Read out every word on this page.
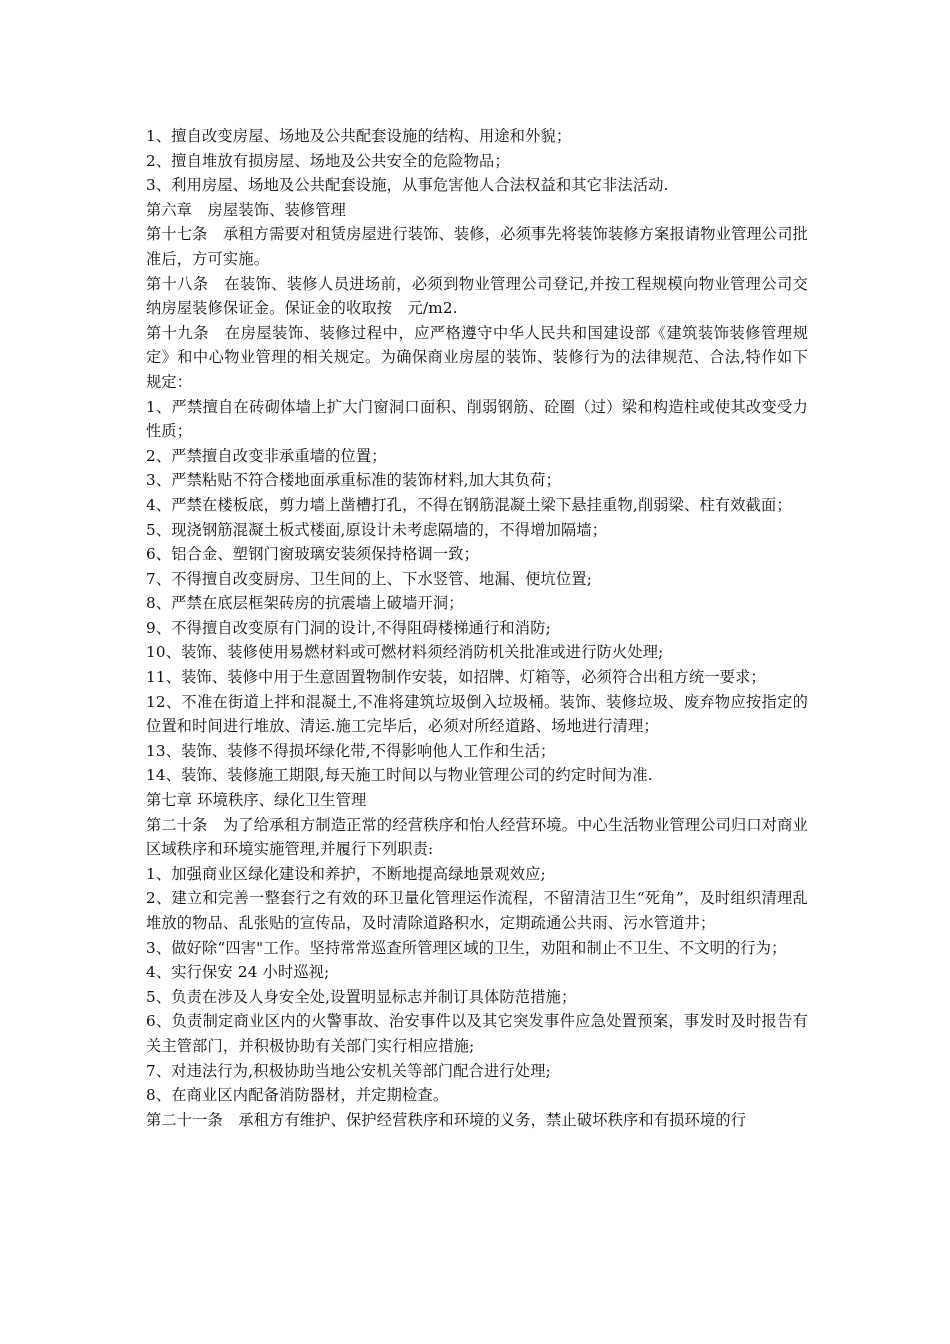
1、擅自改变房屋、场地及公共配套设施的结构、用途和外貌；

2、擅自堆放有损房屋、场地及公共安全的危险物品；

3、利用房屋、场地及公共配套设施，从事危害他人合法权益和其它非法活动.

第六章　房屋装饰、装修管理

第十七条　承租方需要对租赁房屋进行装饰、装修，必须事先将装饰装修方案报请物业管理公司批准后，方可实施。

第十八条　在装饰、装修人员进场前，必须到物业管理公司登记,并按工程规模向物业管理公司交纳房屋装修保证金。保证金的收取按　元/m2.

第十九条　在房屋装饰、装修过程中，应严格遵守中华人民共和国建设部《建筑装饰装修管理规定》和中心物业管理的相关规定。为确保商业房屋的装饰、装修行为的法律规范、合法,特作如下规定：

1、严禁擅自在砖砌体墙上扩大门窗洞口面积、削弱钢筋、砼圈（过）梁和构造柱或使其改变受力性质；

2、严禁擅自改变非承重墙的位置；

3、严禁粘贴不符合楼地面承重标准的装饰材料,加大其负荷；

4、严禁在楼板底，剪力墙上凿槽打孔，不得在钢筋混凝土梁下悬挂重物,削弱梁、柱有效截面；

5、现浇钢筋混凝土板式楼面,原设计未考虑隔墙的，不得增加隔墙；

6、铝合金、塑钢门窗玻璃安装须保持格调一致；

7、不得擅自改变厨房、卫生间的上、下水竖管、地漏、便坑位置;

8、严禁在底层框架砖房的抗震墙上破墙开洞；

9、不得擅自改变原有门洞的设计,不得阻碍楼梯通行和消防;

10、装饰、装修使用易燃材料或可燃材料须经消防机关批准或进行防火处理;

11、装饰、装修中用于生意固置物制作安装，如招牌、灯箱等，必须符合出租方统一要求；

12、不准在街道上拌和混凝土,不准将建筑垃圾倒入垃圾桶。装饰、装修垃圾、废弃物应按指定的位置和时间进行堆放、清运.施工完毕后，必须对所经道路、场地进行清理；

13、装饰、装修不得损坏绿化带,不得影响他人工作和生活；

14、装饰、装修施工期限,每天施工时间以与物业管理公司的约定时间为准.

第七章 环境秩序、绿化卫生管理

第二十条　为了给承租方制造正常的经营秩序和怡人经营环境。中心生活物业管理公司归口对商业区域秩序和环境实施管理,并履行下列职责:

1、加强商业区绿化建设和养护，不断地提高绿地景观效应;

2、建立和完善一整套行之有效的环卫量化管理运作流程，不留清洁卫生“死角”，及时组织清理乱堆放的物品、乱张贴的宣传品，及时清除道路积水，定期疏通公共雨、污水管道井；

3、做好除“四害"工作。坚持常常巡查所管理区域的卫生，劝阻和制止不卫生、不文明的行为；

4、实行保安 24 小时巡视;

5、负责在涉及人身安全处,设置明显标志并制订具体防范措施；

6、负责制定商业区内的火警事故、治安事件以及其它突发事件应急处置预案，事发时及时报告有关主管部门，并积极协助有关部门实行相应措施;

7、对违法行为,积极协助当地公安机关等部门配合进行处理;

8、在商业区内配备消防器材，并定期检查。

第二十一条　承租方有维护、保护经营秩序和环境的义务，禁止破坏秩序和有损环境的行
